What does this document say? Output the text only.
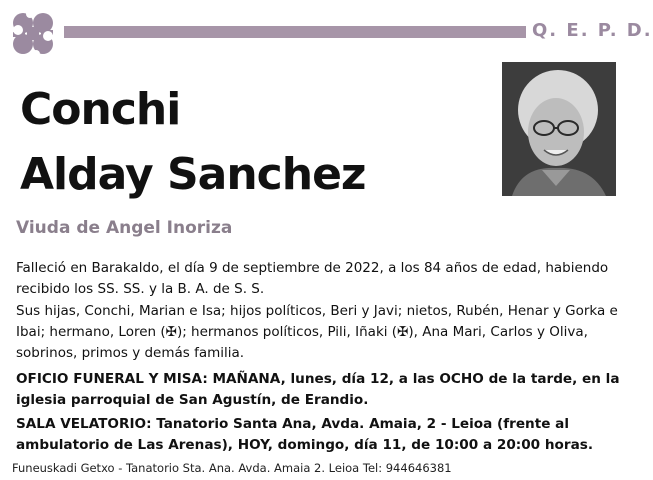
Q. E. P. D.
Conchi
Alday Sanchez
Viuda de Angel Inoriza
Falleció en Barakaldo, el día 9 de septiembre de 2022, a los 84 años de edad, habiendo recibido los SS. SS. y la B. A. de S. S.
Sus hijas, Conchi, Marian e Isa; hijos políticos, Beri y Javi; nietos, Rubén, Henar y Gorka e Ibai; hermano, Loren (✠); hermanos políticos, Pili, Iñaki (✠), Ana Mari, Carlos y Oliva, sobrinos, primos y demás familia.
OFICIO FUNERAL Y MISA: MAÑANA, lunes, día 12, a las OCHO de la tarde, en la iglesia parroquial de San Agustín, de Erandio.
SALA VELATORIO: Tanatorio Santa Ana, Avda. Amaia, 2 - Leioa (frente al ambulatorio de Las Arenas), HOY, domingo, día 11, de 10:00 a 20:00 horas.
Funeuskadi Getxo - Tanatorio Sta. Ana. Avda. Amaia 2. Leioa Tel: 944646381
